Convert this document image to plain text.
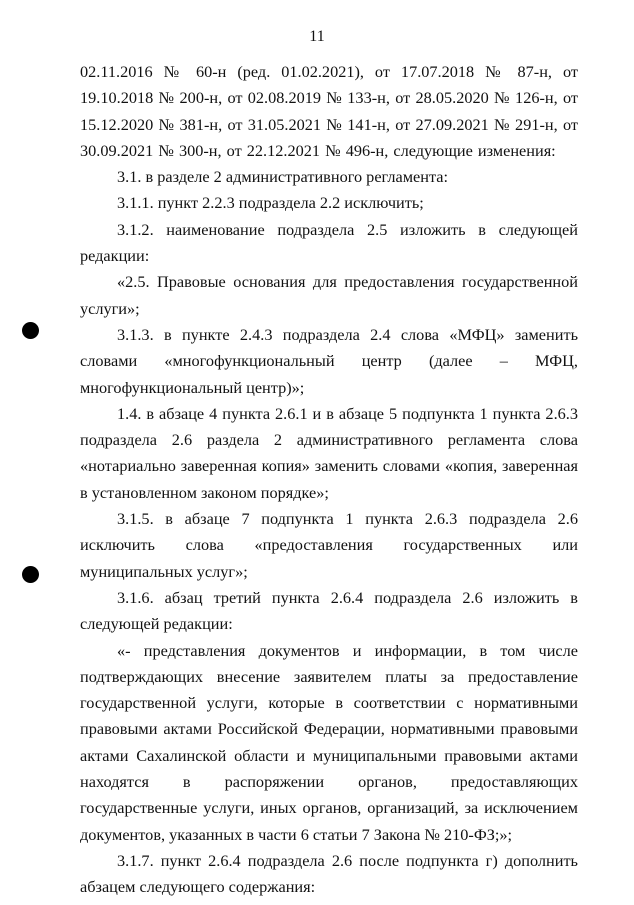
11

02.11.2016 № 60-н (ред. 01.02.2021), от 17.07.2018 № 87-н, от 19.10.2018 № 200-н, от 02.08.2019 № 133-н, от 28.05.2020 № 126-н, от 15.12.2020 № 381-н, от 31.05.2021 № 141-н, от 27.09.2021 № 291-н, от 30.09.2021 № 300-н, от 22.12.2021 № 496-н, следующие изменения:

3.1. в разделе 2 административного регламента:

3.1.1. пункт 2.2.3 подраздела 2.2 исключить;

3.1.2. наименование подраздела 2.5 изложить в следующей редакции:

«2.5. Правовые основания для предоставления государственной услуги»;

3.1.3. в пункте 2.4.3 подраздела 2.4 слова «МФЦ» заменить словами «многофункциональный центр (далее – МФЦ, многофункциональный центр)»;

1.4. в абзаце 4 пункта 2.6.1 и в абзаце 5 подпункта 1 пункта 2.6.3 подраздела 2.6 раздела 2 административного регламента слова «нотариально заверенная копия» заменить словами «копия, заверенная в установленном законом порядке»;

3.1.5. в абзаце 7 подпункта 1 пункта 2.6.3 подраздела 2.6 исключить слова «предоставления государственных или муниципальных услуг»;

3.1.6. абзац третий пункта 2.6.4 подраздела 2.6 изложить в следующей редакции:

«- представления документов и информации, в том числе подтверждающих внесение заявителем платы за предоставление государственной услуги, которые в соответствии с нормативными правовыми актами Российской Федерации, нормативными правовыми актами Сахалинской области и муниципальными правовыми актами находятся в распоряжении органов, предоставляющих государственные услуги, иных органов, организаций, за исключением документов, указанных в части 6 статьи 7 Закона № 210-ФЗ;»;

3.1.7. пункт 2.6.4 подраздела 2.6 после подпункта г) дополнить абзацем следующего содержания:
